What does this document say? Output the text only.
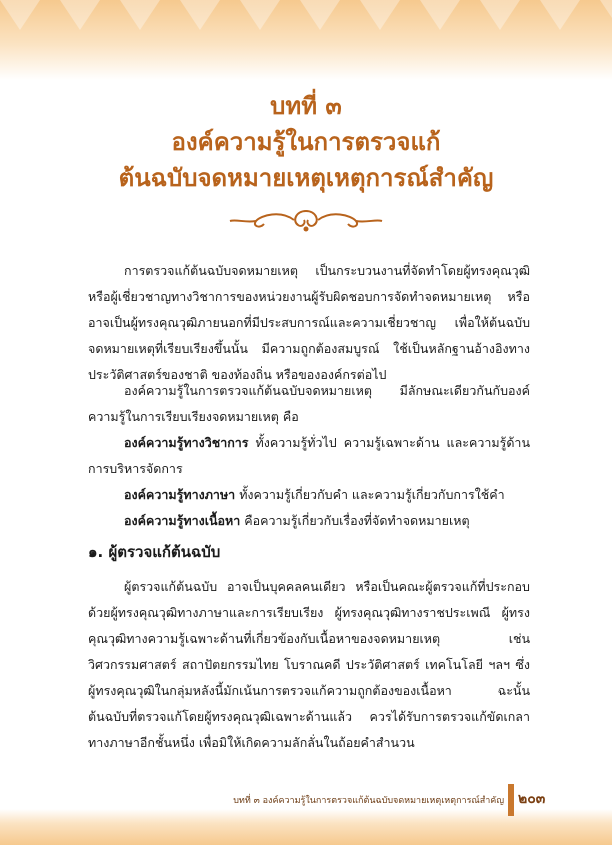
บทที่ ๓
องค์ความรู้ในการตรวจแก้
ต้นฉบับจดหมายเหตุเหตุการณ์สำคัญ
การตรวจแก้ต้นฉบับจดหมายเหตุ เป็นกระบวนงานที่จัดทำโดยผู้ทรงคุณวุฒิหรือผู้เชี่ยวชาญทางวิชาการของหน่วยงานผู้รับผิดชอบการจัดทำจดหมายเหตุ หรืออาจเป็นผู้ทรงคุณวุฒิภายนอกที่มีประสบการณ์และความเชี่ยวชาญ เพื่อให้ต้นฉบับจดหมายเหตุที่เรียบเรียงขึ้นนั้น มีความถูกต้องสมบูรณ์ ใช้เป็นหลักฐานอ้างอิงทางประวัติศาสตร์ของชาติ ของท้องถิ่น หรือขององค์กรต่อไป

องค์ความรู้ในการตรวจแก้ต้นฉบับจดหมายเหตุ มีลักษณะเดียวกันกับองค์ความรู้ในการเรียบเรียงจดหมายเหตุ คือ

องค์ความรู้ทางวิชาการ ทั้งความรู้ทั่วไป ความรู้เฉพาะด้าน และความรู้ด้านการบริหารจัดการ

องค์ความรู้ทางภาษา ทั้งความรู้เกี่ยวกับคำ และความรู้เกี่ยวกับการใช้คำ

องค์ความรู้ทางเนื้อหา คือความรู้เกี่ยวกับเรื่องที่จัดทำจดหมายเหตุ

๑. ผู้ตรวจแก้ต้นฉบับ
ผู้ตรวจแก้ต้นฉบับ อาจเป็นบุคคลคนเดียว หรือเป็นคณะผู้ตรวจแก้ที่ประกอบด้วยผู้ทรงคุณวุฒิทางภาษาและการเรียบเรียง ผู้ทรงคุณวุฒิทางราชประเพณี ผู้ทรงคุณวุฒิทางความรู้เฉพาะด้านที่เกี่ยวข้องกับเนื้อหาของจดหมายเหตุ เช่น วิศวกรรมศาสตร์ สถาปัตยกรรมไทย โบราณคดี ประวัติศาสตร์ เทคโนโลยี ฯลฯ ซึ่งผู้ทรงคุณวุฒิในกลุ่มหลังนี้มักเน้นการตรวจแก้ความถูกต้องของเนื้อหา ฉะนั้น ต้นฉบับที่ตรวจแก้โดยผู้ทรงคุณวุฒิเฉพาะด้านแล้ว ควรได้รับการตรวจแก้ขัดเกลาทางภาษาอีกชั้นหนึ่ง เพื่อมิให้เกิดความลักลั่นในถ้อยคำสำนวน
บทที่ ๓ องค์ความรู้ในการตรวจแก้ต้นฉบับจดหมายเหตุเหตุการณ์สำคัญ ๒๐๓
